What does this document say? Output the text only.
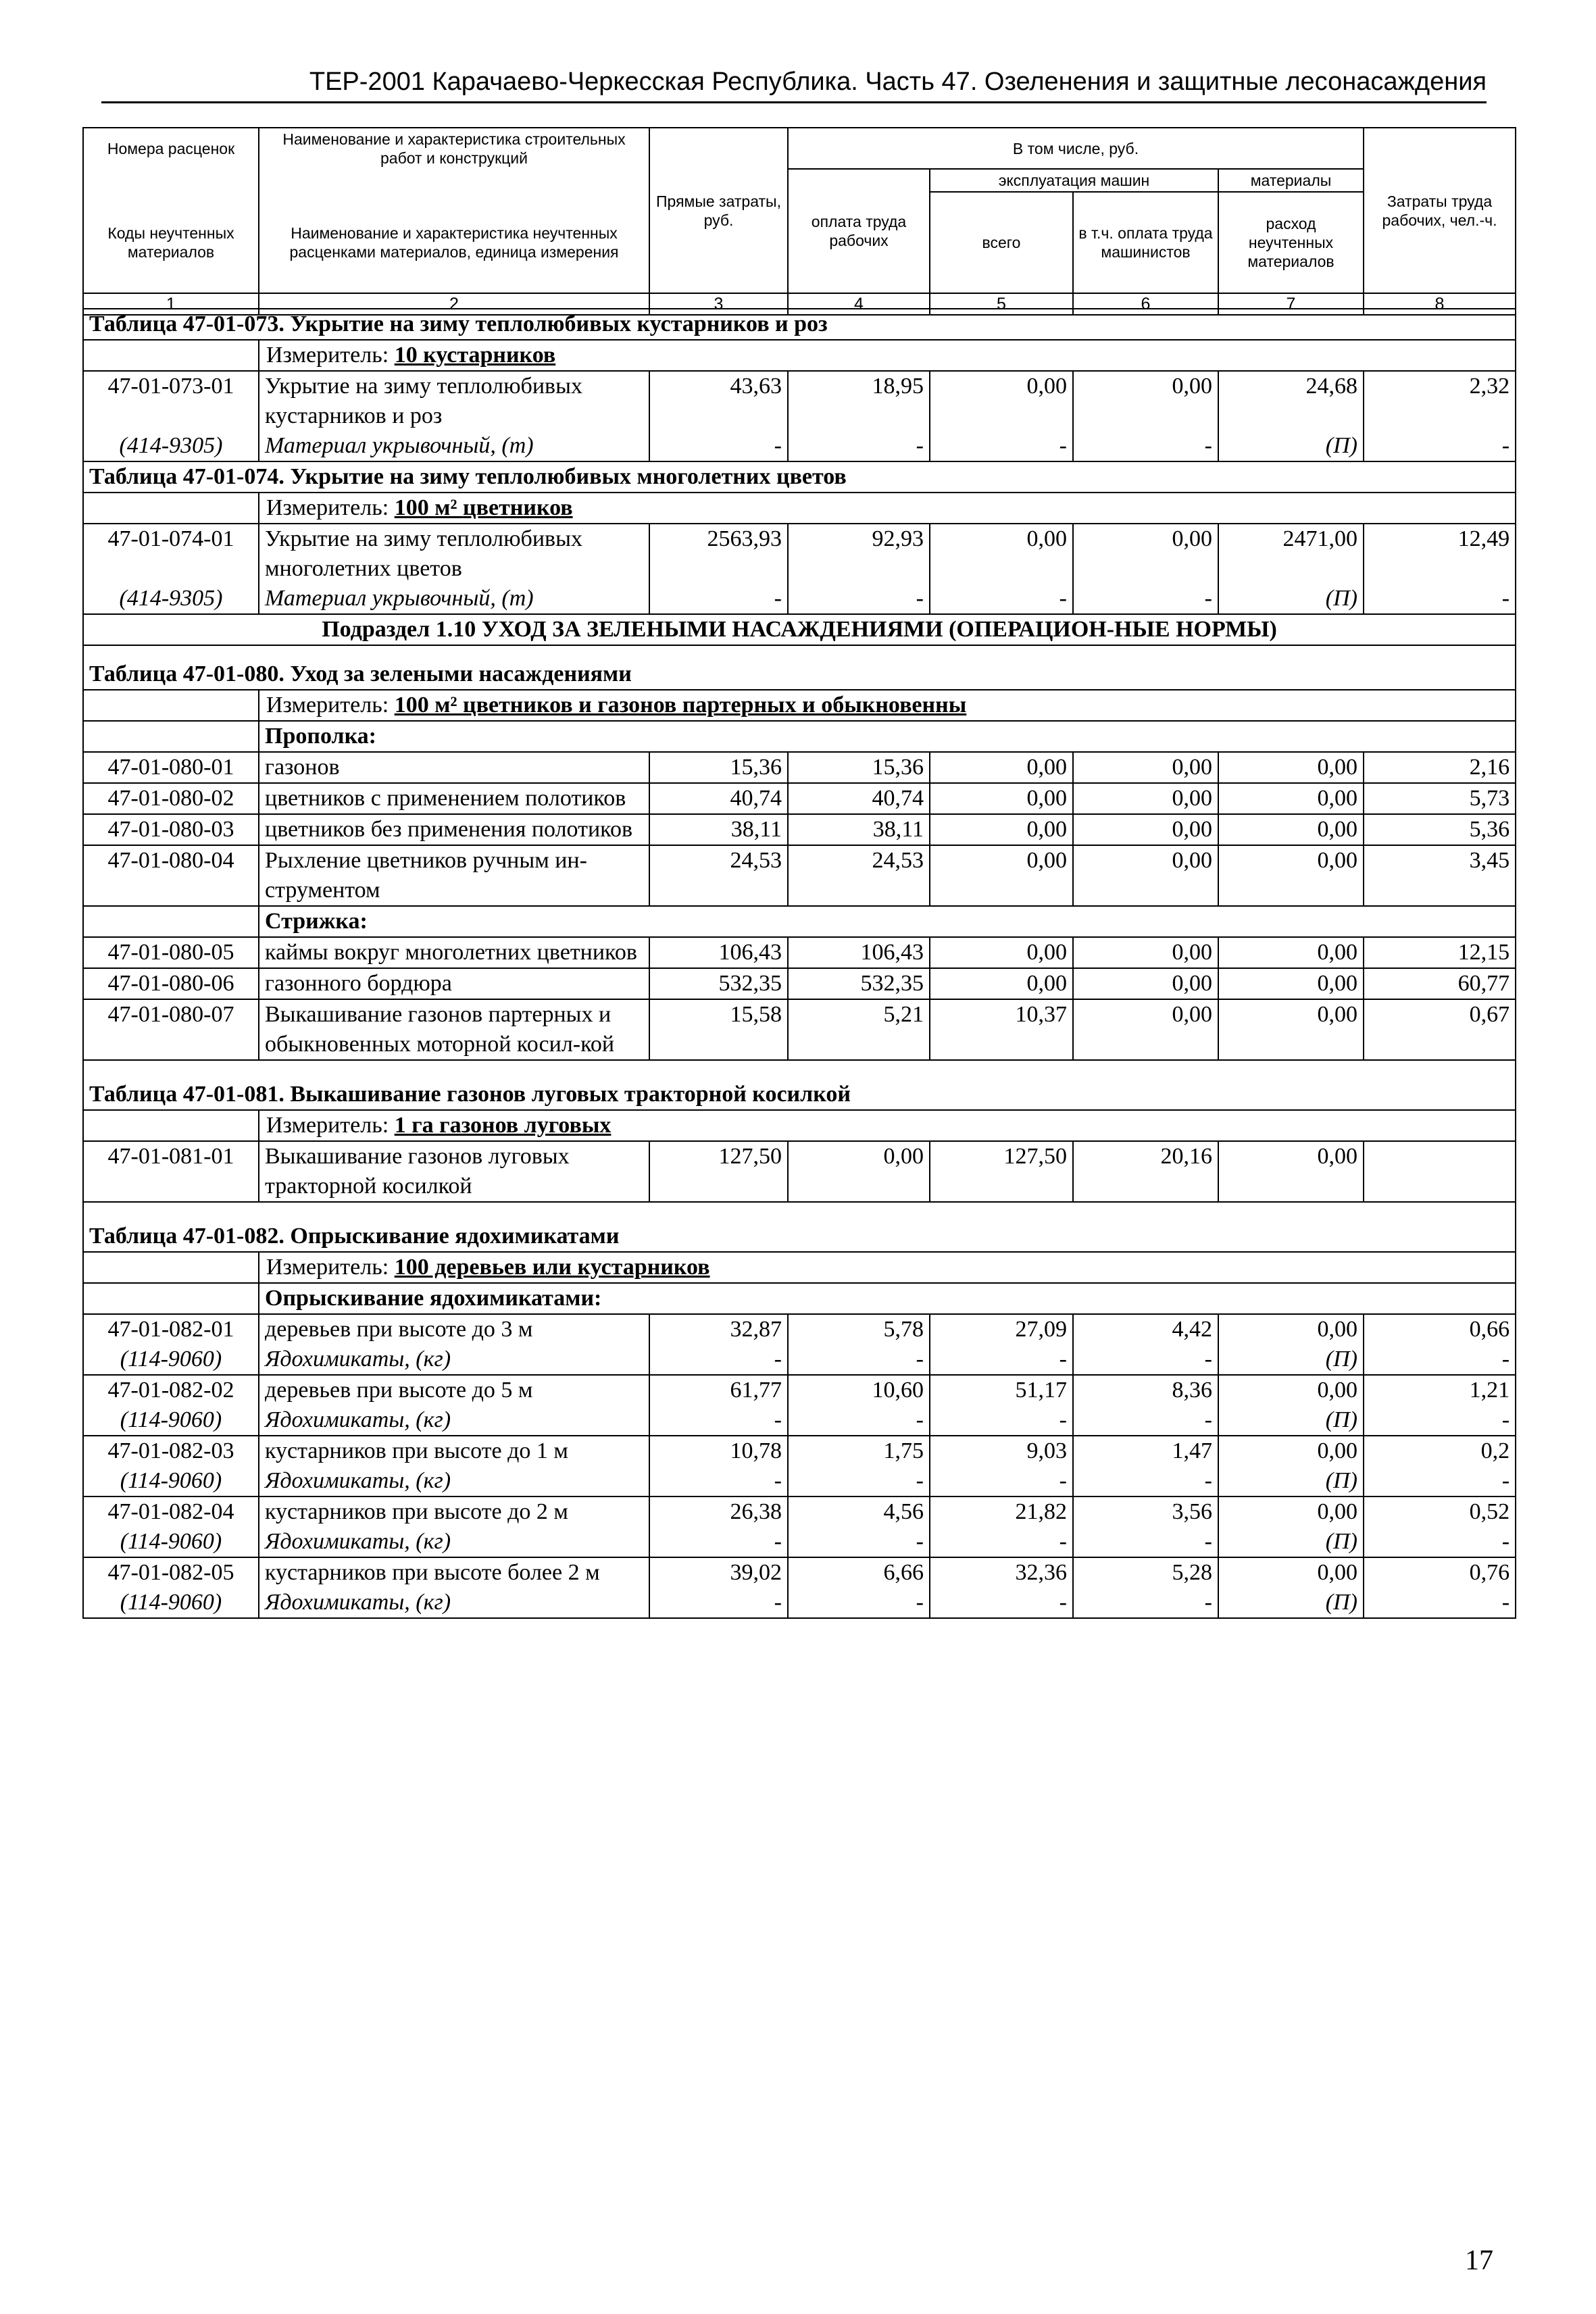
ТЕР-2001 Карачаево-Черкесская Республика. Часть 47. Озеленения и защитные лесонасаждения
Номера расценок	Наименование и характеристика строительных работ и конструкций	Прямые затраты, руб.	В том числе, руб.				Затраты труда рабочих, чел.-ч.
			оплата труда рабочих	эксплуатация машин		материалы	
Коды неучтенных материалов	Наименование и характеристика неучтенных расценками материалов, единица измерения			всего	в т.ч. оплата труда машинистов	расход неучтенных материалов	
1	2	3	4	5	6	7	8
Таблица 47-01-073. Укрытие на зиму теплолюбивых кустарников и роз							
	Измеритель: 10 кустарников						
47-01-073-01	Укрытие на зиму теплолюбивых кустарников и роз	43,63	18,95	0,00	0,00	24,68	2,32
(414-9305)	Материал укрывочный, (т)	-	-	-	-	(П)	-
Таблица 47-01-074. Укрытие на зиму теплолюбивых многолетних цветов							
	Измеритель: 100 м² цветников						
47-01-074-01	Укрытие на зиму теплолюбивых многолетних цветов	2563,93	92,93	0,00	0,00	2471,00	12,49
(414-9305)	Материал укрывочный, (т)	-	-	-	-	(П)	-
Подраздел 1.10 УХОД ЗА ЗЕЛЕНЫМИ НАСАЖДЕНИЯМИ (ОПЕРАЦИОН-НЫЕ НОРМЫ)							
Таблица 47-01-080. Уход за зелеными насаждениями							
	Измеритель: 100 м² цветников и газонов партерных и обыкновенны						
	Прополка:						
47-01-080-01	газонов	15,36	15,36	0,00	0,00	0,00	2,16
47-01-080-02	цветников с применением полотиков	40,74	40,74	0,00	0,00	0,00	5,73
47-01-080-03	цветников без применения полотиков	38,11	38,11	0,00	0,00	0,00	5,36
47-01-080-04	Рыхление цветников ручным ин-струментом	24,53	24,53	0,00	0,00	0,00	3,45
	Стрижка:						
47-01-080-05	каймы вокруг многолетних цветников	106,43	106,43	0,00	0,00	0,00	12,15
47-01-080-06	газонного бордюра	532,35	532,35	0,00	0,00	0,00	60,77
47-01-080-07	Выкашивание газонов партерных и обыкновенных моторной косил-кой	15,58	5,21	10,37	0,00	0,00	0,67
Таблица 47-01-081. Выкашивание газонов луговых тракторной косилкой							
	Измеритель: 1 га газонов луговых						
47-01-081-01	Выкашивание газонов луговых тракторной косилкой	127,50	0,00	127,50	20,16	0,00	
Таблица 47-01-082. Опрыскивание ядохимикатами							
	Измеритель: 100 деревьев или кустарников						
	Опрыскивание ядохимикатами:						
47-01-082-01	деревьев при высоте до 3 м	32,87	5,78	27,09	4,42	0,00	0,66
(114-9060)	Ядохимикаты, (кг)	-	-	-	-	(П)	-
47-01-082-02	деревьев при высоте до 5 м	61,77	10,60	51,17	8,36	0,00	1,21
(114-9060)	Ядохимикаты, (кг)	-	-	-	-	(П)	-
47-01-082-03	кустарников при высоте до 1 м	10,78	1,75	9,03	1,47	0,00	0,2
(114-9060)	Ядохимикаты, (кг)	-	-	-	-	(П)	-
47-01-082-04	кустарников при высоте до 2 м	26,38	4,56	21,82	3,56	0,00	0,52
(114-9060)	Ядохимикаты, (кг)	-	-	-	-	(П)	-
47-01-082-05	кустарников при высоте более 2 м	39,02	6,66	32,36	5,28	0,00	0,76
(114-9060)	Ядохимикаты, (кг)	-	-	-	-	(П)	-
17
